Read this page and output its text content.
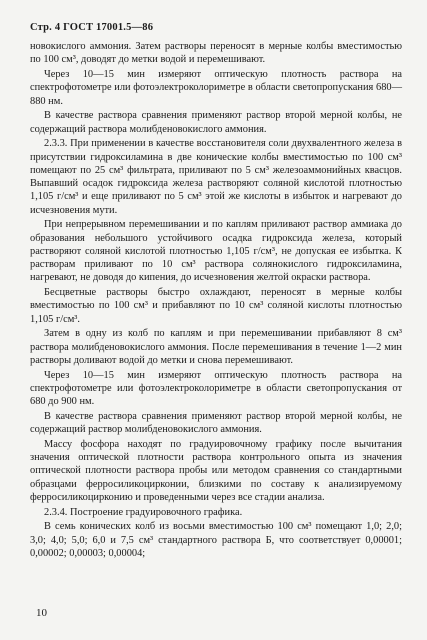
Стр. 4 ГОСТ 17001.5—86

новокислого аммония. Затем растворы переносят в мерные колбы вместимостью по 100 см³, доводят до метки водой и перемешивают.

Через 10—15 мин измеряют оптическую плотность раствора на спектрофотометре или фотоэлектроколориметре в области светопропускания 680—880 нм.

В качестве раствора сравнения применяют раствор второй мерной колбы, не содержащий раствора молибденовокислого аммония.

2.3.3. При применении в качестве восстановителя соли двухвалентного железа в присутствии гидроксиламина в две конические колбы вместимостью по 100 см³ помещают по 25 см³ фильтрата, приливают по 5 см³ железоаммонийных квасцов. Выпавший осадок гидроксида железа растворяют соляной кислотой плотностью 1,105 г/см³ и еще приливают по 5 см³ этой же кислоты в избыток и нагревают до исчезновения мути.

При непрерывном перемешивании и по каплям приливают раствор аммиака до образования небольшого устойчивого осадка гидроксида железа, который растворяют соляной кислотой плотностью 1,105 г/см³, не допуская ее избытка. К растворам приливают по 10 см³ раствора солянокислого гидроксиламина, нагревают, не доводя до кипения, до исчезновения желтой окраски раствора.

Бесцветные растворы быстро охлаждают, переносят в мерные колбы вместимостью по 100 см³ и прибавляют по 10 см³ соляной кислоты плотностью 1,105 г/см³.

Затем в одну из колб по каплям и при перемешивании прибавляют 8 см³ раствора молибденовокислого аммония. После перемешивания в течение 1—2 мин растворы доливают водой до метки и снова перемешивают.

Через 10—15 мин измеряют оптическую плотность раствора на спектрофотометре или фотоэлектроколориметре в области светопропускания от 680 до 900 нм.

В качестве раствора сравнения применяют раствор второй мерной колбы, не содержащий раствор молибденовокислого аммония.

Массу фосфора находят по градуировочному графику после вычитания значения оптической плотности раствора контрольного опыта из значения оптической плотности раствора пробы или методом сравнения со стандартными образцами ферросиликоцирконии, близкими по составу к анализируемому ферросиликоцирконию и проведенными через все стадии анализа.

2.3.4. Построение градуировочного графика.

В семь конических колб из восьми вместимостью 100 см³ помещают 1,0; 2,0; 3,0; 4,0; 5,0; 6,0 и 7,5 см³ стандартного раствора Б, что соответствует 0,00001; 0,00002; 0,00003; 0,00004;

10
